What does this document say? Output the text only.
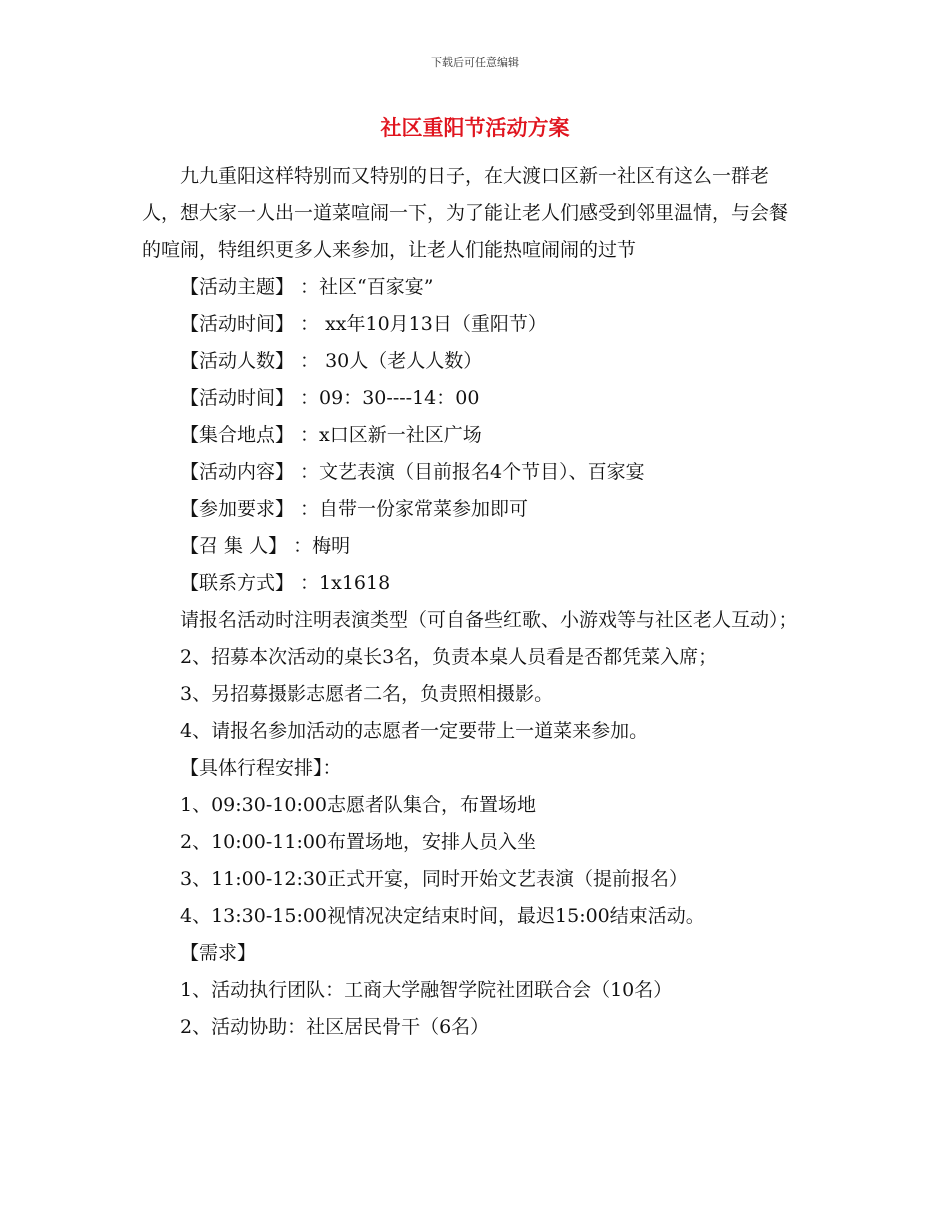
下载后可任意编辑
社区重阳节活动方案

九九重阳这样特别而又特别的日子，在大渡口区新一社区有这么一群老人，想大家一人出一道菜喧闹一下，为了能让老人们感受到邻里温情，与会餐的喧闹，特组织更多人来参加，让老人们能热喧闹闹的过节

【活动主题】 ：社区“百家宴”

【活动时间】 ： xx年10月13日（重阳节）

【活动人数】 ： 30人（老人人数）

【活动时间】 ：09：30----14：00

【集合地点】 ：x口区新一社区广场

【活动内容】 ：文艺表演（目前报名4个节目）、百家宴

【参加要求】 ：自带一份家常菜参加即可

【召 集 人】 ：梅明

【联系方式】 ：1x1618

请报名活动时注明表演类型（可自备些红歌、小游戏等与社区老人互动）；

2、招募本次活动的桌长3名，负责本桌人员看是否都凭菜入席；

3、另招募摄影志愿者二名，负责照相摄影。

4、请报名参加活动的志愿者一定要带上一道菜来参加。

【具体行程安排】：

1、09:30-10:00志愿者队集合，布置场地

2、10:00-11:00布置场地，安排人员入坐

3、11:00-12:30正式开宴，同时开始文艺表演（提前报名）

4、13:30-15:00视情况决定结束时间，最迟15:00结束活动。

【需求】

1、活动执行团队：工商大学融智学院社团联合会（10名）

2、活动协助：社区居民骨干（6名）
